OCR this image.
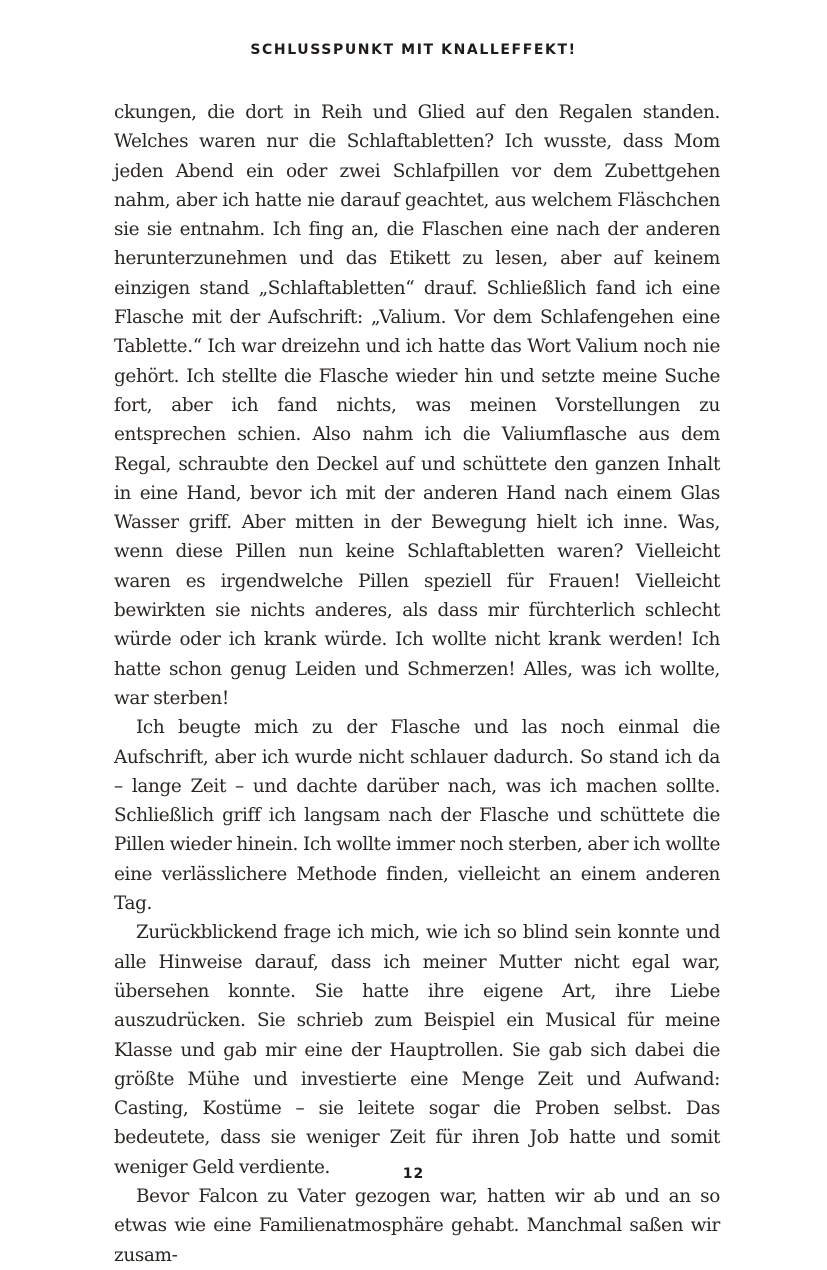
SCHLUSSPUNKT MIT KNALLEFFEKT!

ckungen, die dort in Reih und Glied auf den Regalen standen. Welches waren nur die Schlaftabletten? Ich wusste, dass Mom jeden Abend ein oder zwei Schlafpillen vor dem Zubettgehen nahm, aber ich hatte nie darauf geachtet, aus welchem Fläschchen sie sie entnahm. Ich fing an, die Flaschen eine nach der anderen herunterzunehmen und das Etikett zu lesen, aber auf keinem einzigen stand „Schlaftabletten“ drauf. Schließlich fand ich eine Flasche mit der Aufschrift: „Valium. Vor dem Schlafengehen eine Tablette.“ Ich war dreizehn und ich hatte das Wort Valium noch nie gehört. Ich stellte die Flasche wieder hin und setzte meine Suche fort, aber ich fand nichts, was meinen Vorstellungen zu entsprechen schien. Also nahm ich die Valiumflasche aus dem Regal, schraubte den Deckel auf und schüttete den ganzen Inhalt in eine Hand, bevor ich mit der anderen Hand nach einem Glas Wasser griff. Aber mitten in der Bewegung hielt ich inne. Was, wenn diese Pillen nun keine Schlaftabletten waren? Vielleicht waren es irgendwelche Pillen speziell für Frauen! Vielleicht bewirkten sie nichts anderes, als dass mir fürchterlich schlecht würde oder ich krank würde. Ich wollte nicht krank werden! Ich hatte schon genug Leiden und Schmerzen! Alles, was ich wollte, war sterben!

Ich beugte mich zu der Flasche und las noch einmal die Aufschrift, aber ich wurde nicht schlauer dadurch. So stand ich da – lange Zeit – und dachte darüber nach, was ich machen sollte. Schließlich griff ich langsam nach der Flasche und schüttete die Pillen wieder hinein. Ich wollte immer noch sterben, aber ich wollte eine verlässlichere Methode finden, vielleicht an einem anderen Tag.

Zurückblickend frage ich mich, wie ich so blind sein konnte und alle Hinweise darauf, dass ich meiner Mutter nicht egal war, übersehen konnte. Sie hatte ihre eigene Art, ihre Liebe auszudrücken. Sie schrieb zum Beispiel ein Musical für meine Klasse und gab mir eine der Hauptrollen. Sie gab sich dabei die größte Mühe und investierte eine Menge Zeit und Aufwand: Casting, Kostüme – sie leitete sogar die Proben selbst. Das bedeutete, dass sie weniger Zeit für ihren Job hatte und somit weniger Geld verdiente.

Bevor Falcon zu Vater gezogen war, hatten wir ab und an so etwas wie eine Familienatmosphäre gehabt. Manchmal saßen wir zusam-

12
